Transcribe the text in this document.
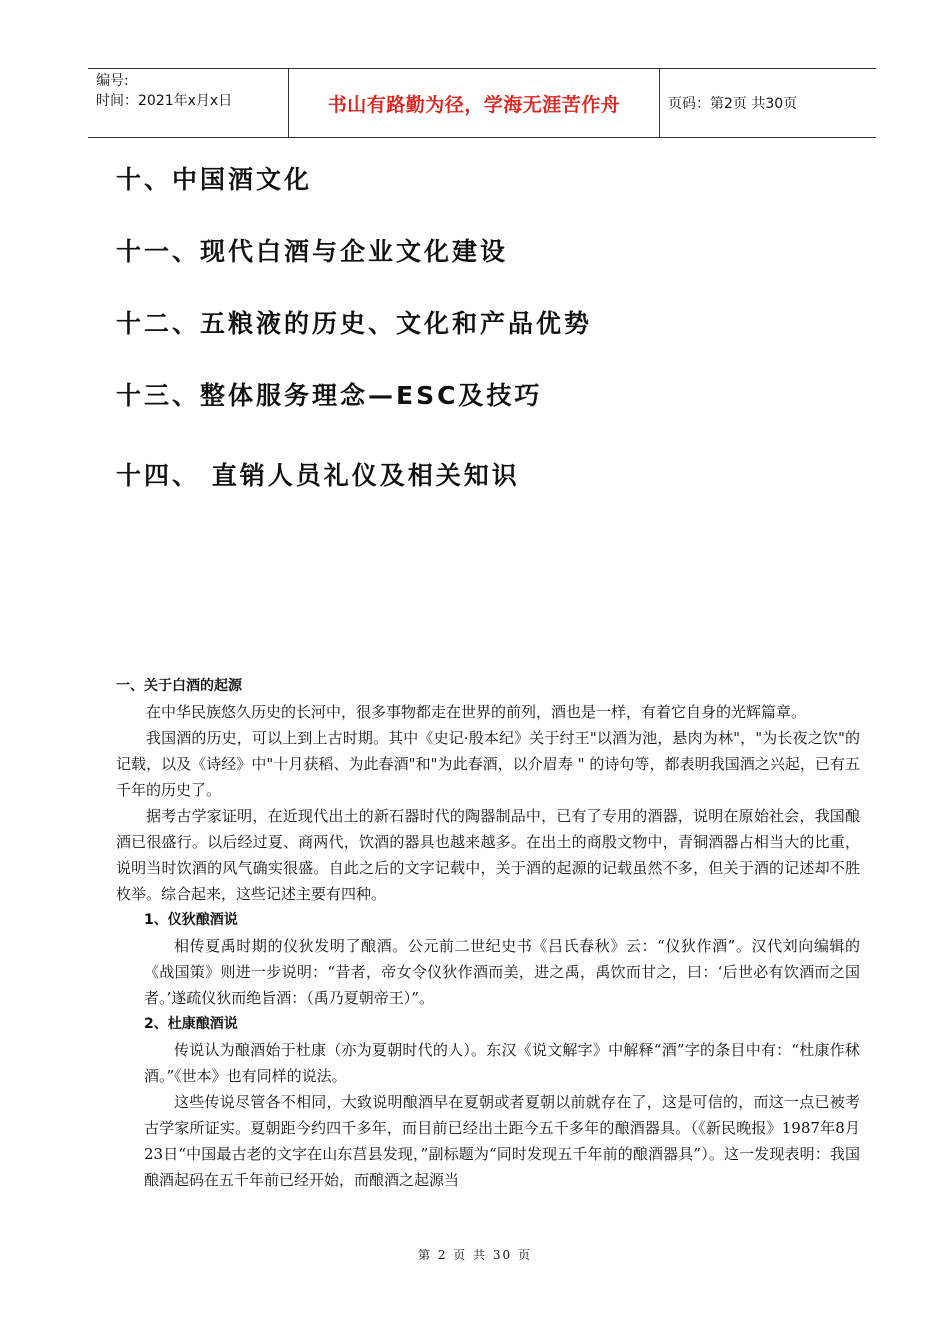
编号:
时间：2021年x月x日	书山有路勤为径，学海无涯苦作舟	页码：第2页 共30页
十、中国酒文化
十一、现代白酒与企业文化建设
十二、五粮液的历史、文化和产品优势
十三、整体服务理念—ESC及技巧
十四、 直销人员礼仪及相关知识
一、关于白酒的起源

在中华民族悠久历史的长河中，很多事物都走在世界的前列，酒也是一样，有着它自身的光辉篇章。

我国酒的历史，可以上到上古时期。其中《史记·殷本纪》关于纣王"以酒为池，悬肉为林"，"为长夜之饮"的记载，以及《诗经》中"十月获稻、为此春酒"和"为此春酒，以介眉寿 " 的诗句等，都表明我国酒之兴起，已有五千年的历史了。

据考古学家证明，在近现代出土的新石器时代的陶器制品中，已有了专用的酒器，说明在原始社会，我国酿酒已很盛行。以后经过夏、商两代，饮酒的器具也越来越多。在出土的商殷文物中，青铜酒器占相当大的比重，说明当时饮酒的风气确实很盛。自此之后的文字记载中，关于酒的起源的记载虽然不多，但关于酒的记述却不胜枚举。综合起来，这些记述主要有四种。

1、仪狄酿酒说

相传夏禹时期的仪狄发明了酿酒。公元前二世纪史书《吕氏春秋》云：“仪狄作酒”。汉代刘向编辑的《战国策》则进一步说明：“昔者，帝女令仪狄作酒而美，进之禹，禹饮而甘之，曰：‘后世必有饮酒而之国者。’遂疏仪狄而绝旨酒：（禹乃夏朝帝王）”。

2、杜康酿酒说

传说认为酿酒始于杜康（亦为夏朝时代的人）。东汉《说文解字》中解释“酒”字的条目中有：“杜康作秫酒。”《世本》也有同样的说法。

这些传说尽管各不相同，大致说明酿酒早在夏朝或者夏朝以前就存在了，这是可信的，而这一点已被考古学家所证实。夏朝距今约四千多年，而目前已经出土距今五千多年的酿酒器具。（《新民晚报》1987年8月23日“中国最古老的文字在山东莒县发现，”副标题为“同时发现五千年前的酿酒器具”）。这一发现表明：我国酿酒起码在五千年前已经开始，而酿酒之起源当

第 2 页 共 30 页
